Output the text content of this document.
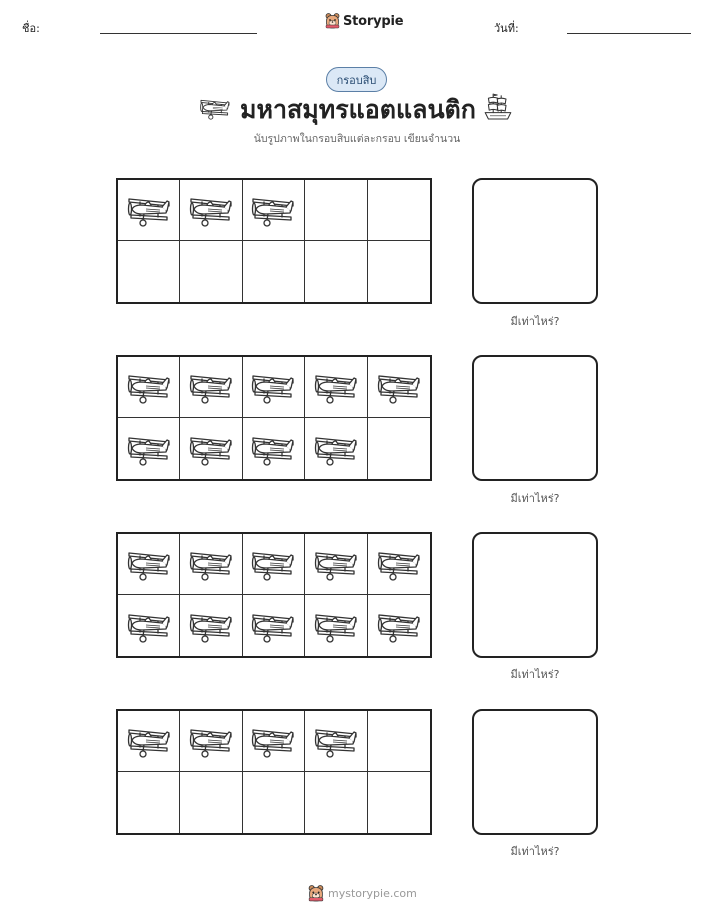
ชื่อ:	Storypie	วันที่:
กรอบสิบ
มหาสมุทรแอตแลนติก
นับรูปภาพในกรอบสิบแต่ละกรอบ เขียนจำนวน
มีเท่าไหร่?
มีเท่าไหร่?
มีเท่าไหร่?
มีเท่าไหร่?
mystorypie.com
